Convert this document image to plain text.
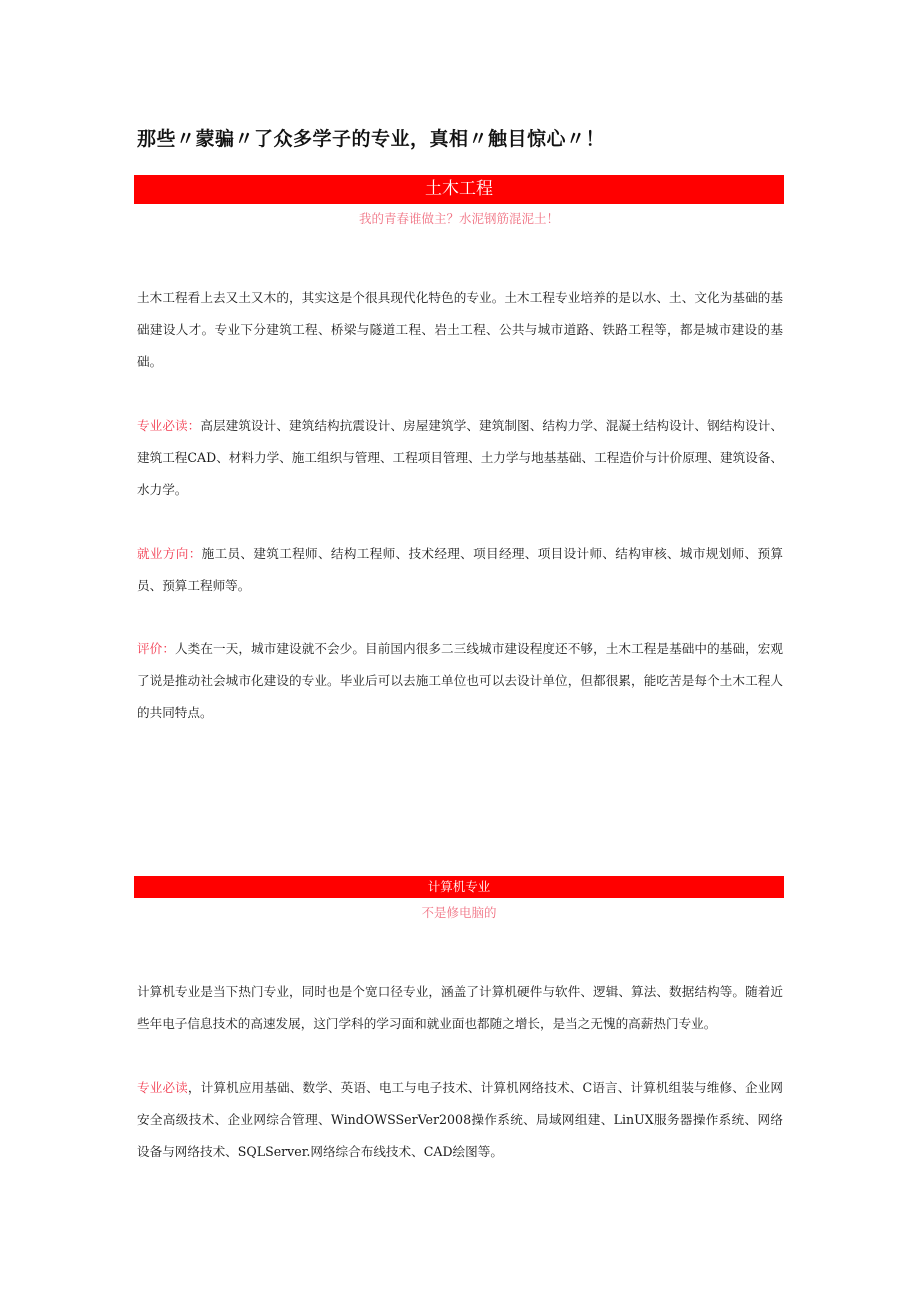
那些〃蒙骗〃了众多学子的专业，真相〃触目惊心〃！
土木工程
我的青春谁做主？水泥钢筋混泥土！

土木工程看上去又土又木的，其实这是个很具现代化特色的专业。土木工程专业培养的是以水、土、文化为基础的基础建设人才。专业下分建筑工程、桥梁与隧道工程、岩土工程、公共与城市道路、铁路工程等，都是城市建设的基础。

专业必读：高层建筑设计、建筑结构抗震设计、房屋建筑学、建筑制图、结构力学、混凝土结构设计、钢结构设计、建筑工程CAD、材料力学、施工组织与管理、工程项目管理、土力学与地基基础、工程造价与计价原理、建筑设备、水力学。

就业方向：施工员、建筑工程师、结构工程师、技术经理、项目经理、项目设计师、结构审核、城市规划师、预算员、预算工程师等。

评价：人类在一天，城市建设就不会少。目前国内很多二三线城市建设程度还不够，土木工程是基础中的基础，宏观了说是推动社会城市化建设的专业。毕业后可以去施工单位也可以去设计单位，但都很累，能吃苦是每个土木工程人的共同特点。

计算机专业
不是修电脑的

计算机专业是当下热门专业，同时也是个宽口径专业，涵盖了计算机硬件与软件、逻辑、算法、数据结构等。随着近些年电子信息技术的高速发展，这门学科的学习面和就业面也都随之增长，是当之无愧的高薪热门专业。

专业必读，计算机应用基础、数学、英语、电工与电子技术、计算机网络技术、C语言、计算机组装与维修、企业网安全高级技术、企业网综合管理、WindOWSSerVer2008操作系统、局域网组建、LinUX服务器操作系统、网络设备与网络技术、SQLServer.网络综合布线技术、CAD绘图等。
